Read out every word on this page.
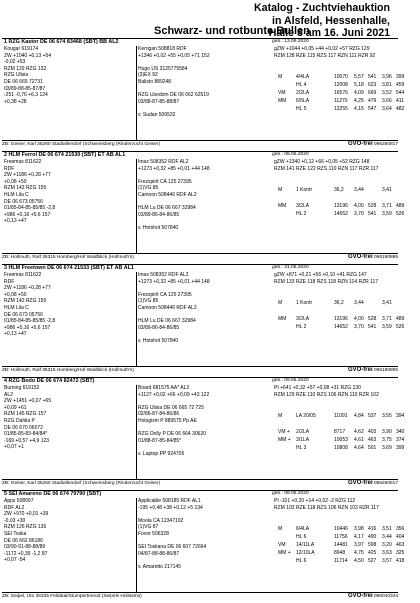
Katalog - Zuchtviehauktion
in Alsfeld, Hessenhalle,
Halle 3 am 16. Juni 2021
Schwarz- und rotbunte Bullen
1 RZG Kastor DE 06 674 83468 (SBT) BB AL2	geb.: 13.06.2020
Kougar 619174
ZW +1040 +0,13 +54
-0,02 +53
RZM 129 RZG 132
RZG Ulisia
DE 06 665 72731
03/89-88-85-87/87
-251 -0,76 +6,3 124
+0,38 +28
Kerrigan 508818 RDF
+1346 +0,02 +55 +0,05 +71 152
Hugo US 3125775584
(3)EX 92
Balisto 889248
RZG Usedom DE 06 662 62519
03/88-87-85-88/87
v. Sudan 506532
gZW +1044 +0,05 +44 +0,02 +57 RZG 129
RZM 128 RZE 115 RZS 117 RZN 111 RZR 92
M	4/4LA	10070 5,57 541 3,96 399
HL 4	12008 5,18 623 3,81 459
VM 2/2LA	16576 4,09 669 3,52 544
MM 6/5LA	11270 4,25 479 3,66 411
HL 5	13255 4,15 547 3,64 482
ZB: Geiser, Karl 35260 Stadtallendorf (Schweinsberg (Rinderzucht Geiser)	GVO-frei 096260817
2 HLM Ferrol DE 06 674 21530 (SBT) ET AB AL1	geb.: 08.06.2020
Freemax 811622
RDF
ZW +1186 +0,28 +77
+0,08 +50
RZM 142 RZG 155
HLM Lila C
DE 06 673 05756
01/85-84-85-85/85 -2,8
+986 +0,16 +5,6 157
+0,13 +47
Imax 508352 RDF AL2
+1273 +0,32 +85 +0,01 +44 148
Frezspirit CA 125 27395
(1)VG 85
Camoon 508446 RDF AL2
HLM Lu DE 06 667 32984
03/89-86-84-86/85
v. Hotshot 507840
gZW +1340 +0,12 +66 +0,05 +52 RZG 148
RZM 141 RZE 122 RZS 110 RZN 117 RZR 117
M	1 Kontr	36,2 3,44	3,41
MM 3/2LA	13196 4,00 528 3,71 489
HL 2	14652 3,70 541 3,59 526
ZB: Hollmuth, Ralf 35315 Homberg/Hof Waldblick (Hollmuth's)	GVO-frei 096190895
3 HLM Freetown DE 06 674 21533 (SBT) ET AB AL1	geb.: 31.05.2020
Freemax 811622
RDF
ZW +1186 +0,28 +77
+0,08 +50
RZM 142 RZG 155
HLM Lila C
DE 06 673 05756
01/85-84-85-85/85 -2,8
+986 +0,16 +5,6 157
+0,13 +47
Imax 508352 RDF AL2
+1273 +0,32 +85 +0,01 +44 148
Frezspirit CA 125 27395
(1)VG 85
Camoon 508446 RDF AL2
HLM Lu DE 06 667 32984
03/89-86-84-86/85
v. Hotshot 507840
gZW +871 +0,21 +56 +0,10 +41 RZG 147
RZM 133 RZE 118 RZS 118 RZN 114 RZR 117
M	1 Kontr	36,2 3,44	3,41
MM 3/2LA	13196 4,00 528 3,71 489
HL 2	14652 3,70 541 3,59 526
ZB: Hollmuth, Ralf 35315 Homberg/Hof Waldblick (Hollmuth's)	GVO-frei 096190895
4 RZG Bodo DE 06 674 82472 (SBT)	geb.: 09.05.2020
Burning 619152
AL2
ZW +1451 +0,07 +65
+0,09 +61
RZM 145 RZG 157
RZG Dahlia P
DE 06 670 06072
01/85-85-83-84/84*
-169 +0,57 +4,9 123
+0,07 +1
Board 681575 AA* AL2
+1127 +0,02 +66 +0,09 +43 122
RZG Ulisia DE 06 665 72 725
02/86-87-84-86/86
Hologism P 889575 Pp AE
RZG Dolly P DE 06 664 30620
01/88-87-85-84/85*
v. Laptop PP 924705
PI +641 +0,32 +57 +0,08 +31 RZG 130
RZM 129 RZE 110 RZS 106 RZN 110 RZR 102
M	LA 20/05	11091 4,84 537 3,55 394
VM + 2/2LA	8717 4,62 403 3,90 340
MM + 3/1LA	10053 4,61 463 3,75 374
HL 3	10808 4,64 501 3,69 399
ZB: Geiser, Karl 35260 Stadtallendorf (Schweinsberg (Rinderzucht Geiser)	GVO-frei 096260817
5 SEI Amareno DE 06 674 79790 (SBT)	geb.: 08.05.2020
Apps 508997
RDF AL2
ZW +970 +0,01 +39
-0,03 +30
RZM 126 RZG 136
SEI Toska
DE 06 662 86186
03/90-91-88-88/89
-1172 +0,39 -1,2 87
+0,07 -54
Applicable 508185 RDF AL1
-195 +0,48 +38 +0,12 +5 134
Moola CA 12347102
(1)VG 87
Fovor 506328
SEI Toskana DE 06 607 72664
04/87-88-88-86/87
v. Amaretto 217145
PI -101 +0,20 +14 +0,02 -2 RZG 112
RZM 103 RZE 118 RZS 106 RZN 103 RZR 117
M	6/4LA	10446 3,98 416 3,51 356
HL 6	11756 4,17 490 3,44 404
VM 14/11LA	14481 3,97 598 3,20 463
MM + 12/10LA	8948 4,75 425 3,63 325
HL 6	11714 4,50 527 3,57 418
ZB: Seipel, Uto 36325 Feldatal/Stumpertenrod (Seipels Holsteins)	GVO-frei 096040344
